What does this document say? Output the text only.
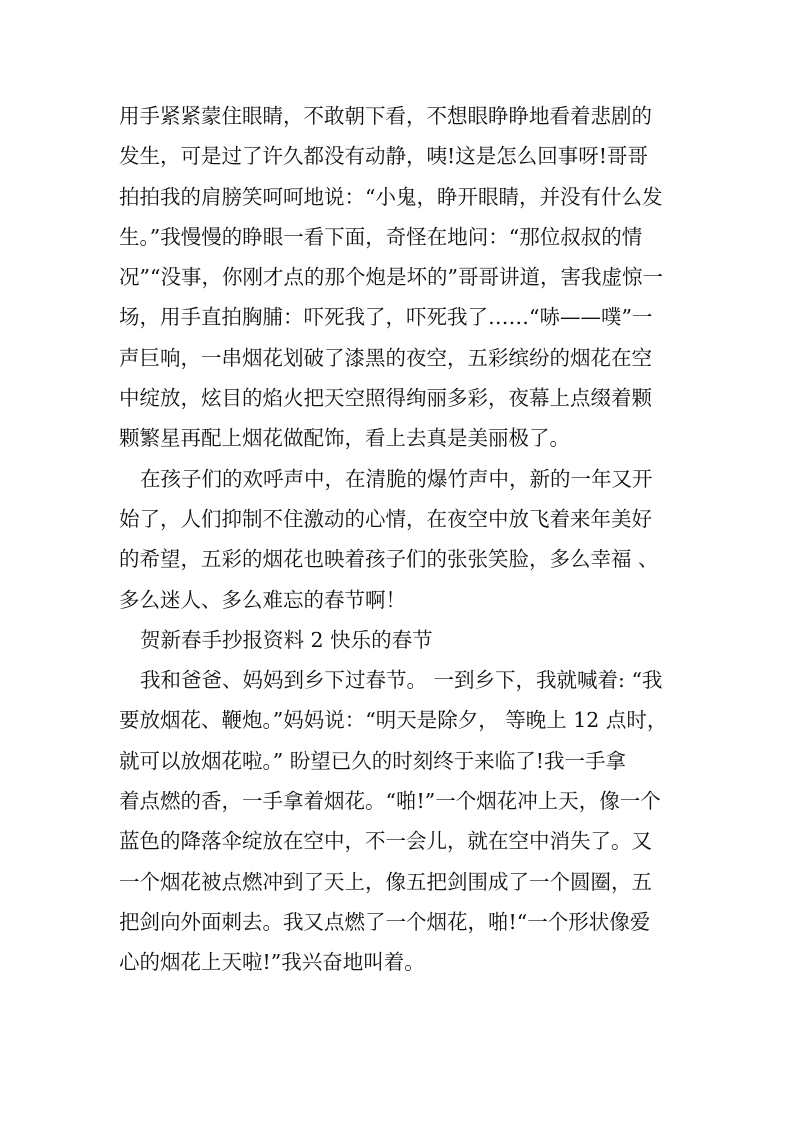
用手紧紧蒙住眼睛，不敢朝下看，不想眼睁睁地看着悲剧的
发生，可是过了许久都没有动静，咦!这是怎么回事呀!哥哥
拍拍我的肩膀笑呵呵地说：“小鬼，睁开眼睛，并没有什么发
生。”我慢慢的睁眼一看下面，奇怪在地问：“那位叔叔的情
况”“没事，你刚才点的那个炮是坏的”哥哥讲道，害我虚惊一
场，用手直拍胸脯：吓死我了，吓死我了……“哧——噗”一
声巨响，一串烟花划破了漆黑的夜空，五彩缤纷的烟花在空
中绽放，炫目的焰火把天空照得绚丽多彩，夜幕上点缀着颗
颗繁星再配上烟花做配饰，看上去真是美丽极了。
在孩子们的欢呼声中，在清脆的爆竹声中，新的一年又开
始了，人们抑制不住激动的心情，在夜空中放飞着来年美好
的希望，五彩的烟花也映着孩子们的张张笑脸，多么幸福 、
多么迷人、多么难忘的春节啊！
贺新春手抄报资料 2 快乐的春节
我和爸爸、妈妈到乡下过春节。 一到乡下，我就喊着: “我
要放烟花、鞭炮。”妈妈说：“明天是除夕， 等晚上 12 点时，
就可以放烟花啦。” 盼望已久的时刻终于来临了!我一手拿
着点燃的香，一手拿着烟花。“啪!”一个烟花冲上天，像一个
蓝色的降落伞绽放在空中，不一会儿，就在空中消失了。又
一个烟花被点燃冲到了天上，像五把剑围成了一个圆圈，五
把剑向外面刺去。我又点燃了一个烟花，啪!“一个形状像爱
心的烟花上天啦!”我兴奋地叫着。
